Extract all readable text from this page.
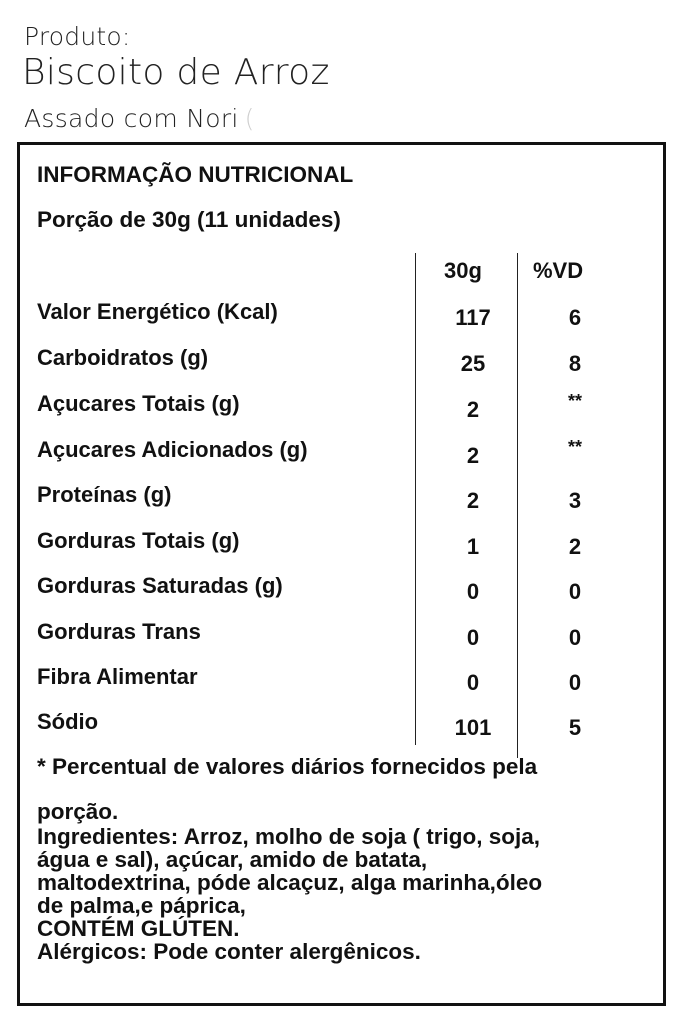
Produto:
Biscoito de Arroz
Assado com Nori (
INFORMAÇÃO NUTRICIONAL
Porção de 30g (11 unidades)
30g %VD
Valor Energético (Kcal)	117	6
Carboidratos (g)	25	8
Açucares Totais (g)	2	**
Açucares Adicionados (g)	2	**
Proteínas (g)	2	3
Gorduras Totais (g)	1	2
Gorduras Saturadas (g)	0	0
Gorduras Trans	0	0
Fibra Alimentar	0	0
Sódio	101	5
* Percentual de valores diários fornecidos pela
porção.
Ingredientes: Arroz, molho de soja ( trigo, soja,
água e sal), açúcar, amido de batata,
maltodextrina, póde alcaçuz, alga marinha,óleo
de palma,e páprica,
CONTÉM GLÚTEN.
Alérgicos: Pode conter alergênicos.
